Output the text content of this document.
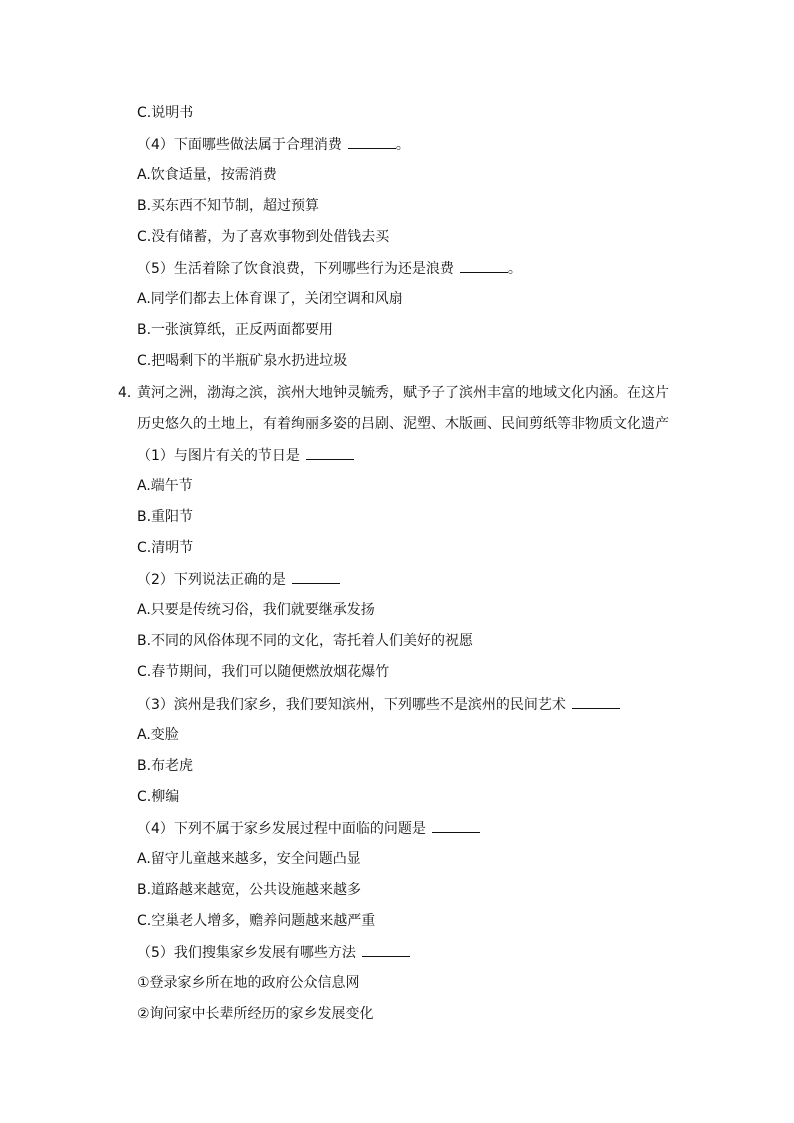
C.说明书
（4）下面哪些做法属于合理消费	。
A.饮食适量，按需消费
B.买东西不知节制，超过预算
C.没有储蓄，为了喜欢事物到处借钱去买
（5）生活着除了饮食浪费，下列哪些行为还是浪费	。
A.同学们都去上体育课了，关闭空调和风扇
B.一张演算纸，正反两面都要用
C.把喝剩下的半瓶矿泉水扔进垃圾
4．
黄河之洲，渤海之滨，滨州大地钟灵毓秀，赋予子了滨州丰富的地域文化内涵。在这片
历史悠久的土地上，有着绚丽多姿的吕剧、泥塑、木版画、民间剪纸等非物质文化遗产
（1）与图片有关的节日是
A.端午节
B.重阳节
C.清明节
（2）下列说法正确的是
A.只要是传统习俗，我们就要继承发扬
B.不同的风俗体现不同的文化，寄托着人们美好的祝愿
C.春节期间，我们可以随便燃放烟花爆竹
（3）滨州是我们家乡，我们要知滨州，下列哪些不是滨州的民间艺术
A.变脸
B.布老虎
C.柳编
（4）下列不属于家乡发展过程中面临的问题是
A.留守儿童越来越多，安全问题凸显
B.道路越来越宽，公共设施越来越多
C.空巢老人增多，赡养问题越来越严重
（5）我们搜集家乡发展有哪些方法
①登录家乡所在地的政府公众信息网
②询问家中长辈所经历的家乡发展变化
